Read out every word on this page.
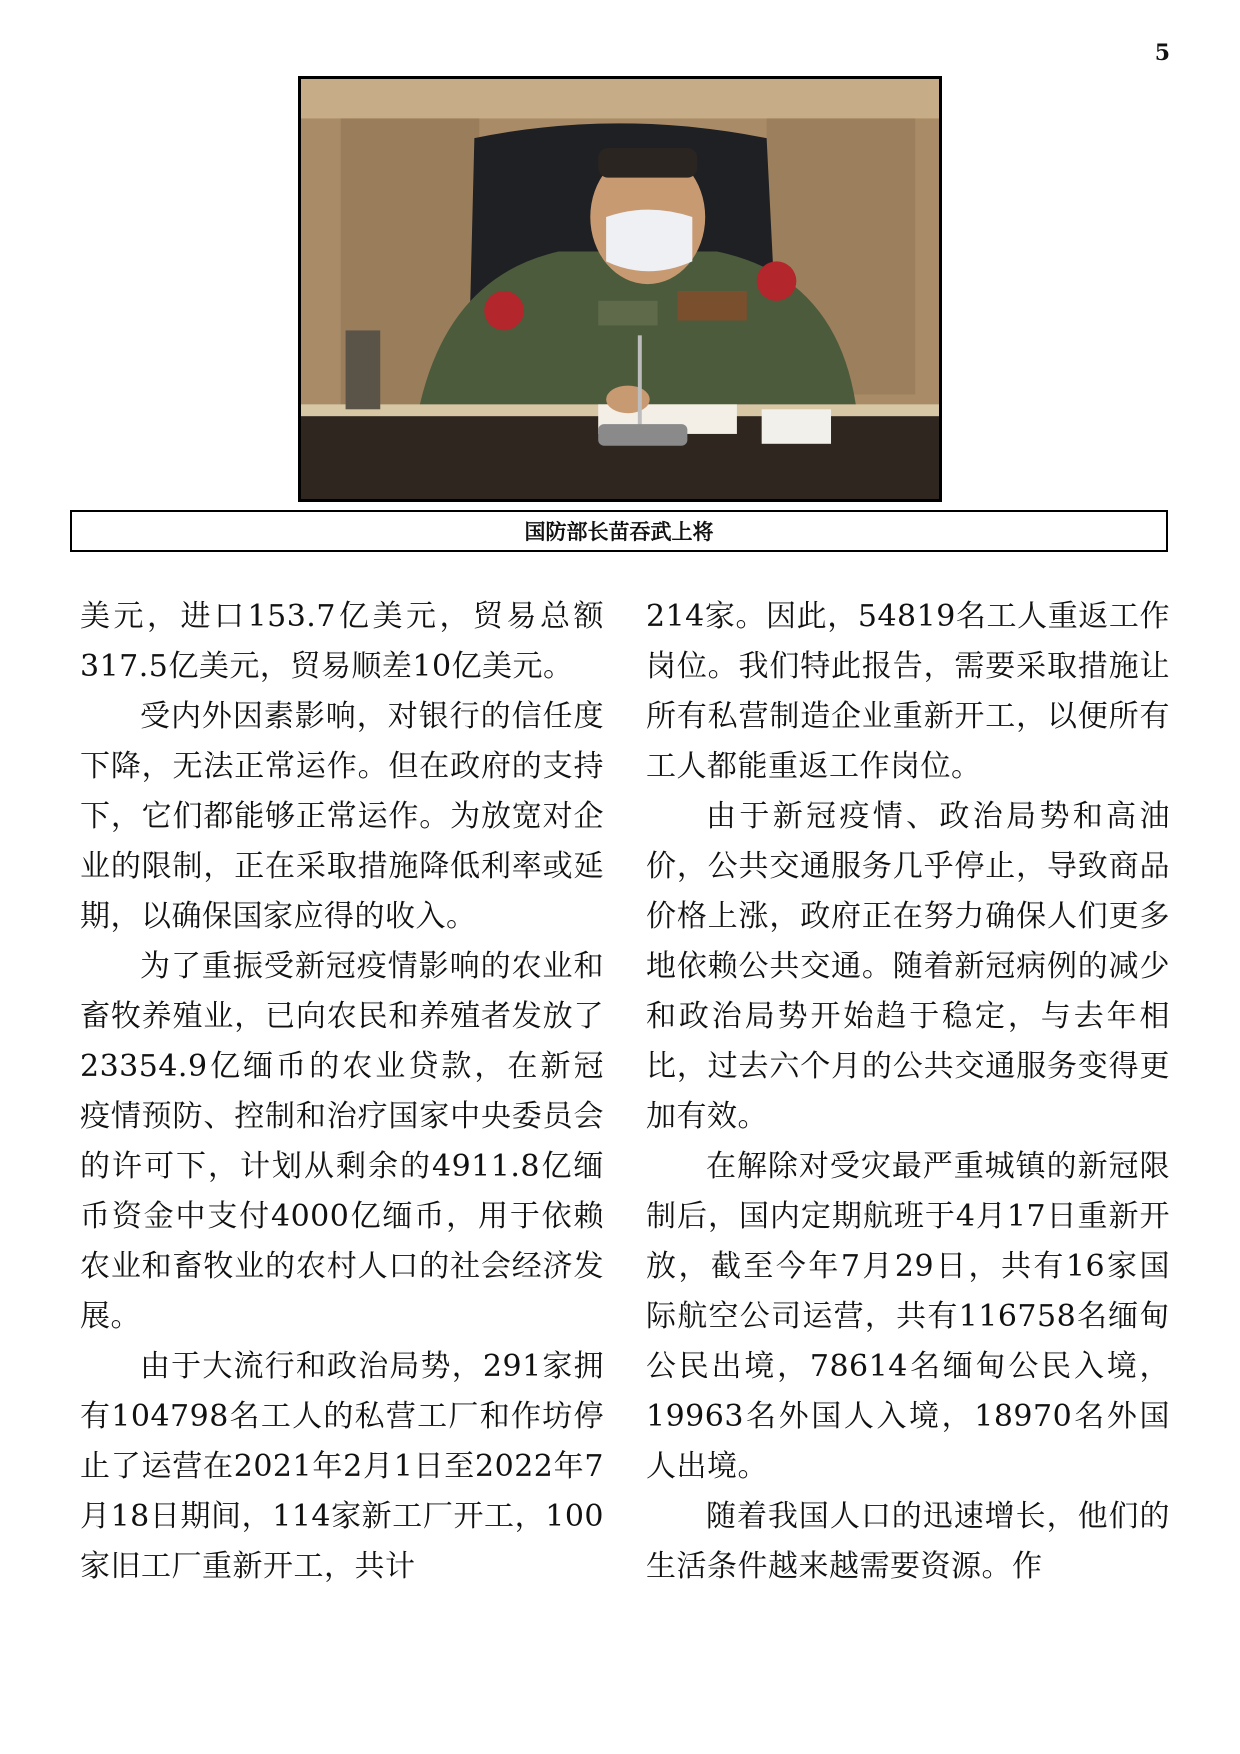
5
国防部长苗吞武上将

美元，进口153.7亿美元，贸易总额317.5亿美元，贸易顺差10亿美元。

受内外因素影响，对银行的信任度下降，无法正常运作。但在政府的支持下，它们都能够正常运作。为放宽对企业的限制，正在采取措施降低利率或延期，以确保国家应得的收入。

为了重振受新冠疫情影响的农业和畜牧养殖业，已向农民和养殖者发放了23354.9亿缅币的农业贷款，在新冠疫情预防、控制和治疗国家中央委员会的许可下，计划从剩余的4911.8亿缅币资金中支付4000亿缅币，用于依赖农业和畜牧业的农村人口的社会经济发展。

由于大流行和政治局势，291家拥有104798名工人的私营工厂和作坊停止了运营在2021年2月1日至2022年7月18日期间，114家新工厂开工，100家旧工厂重新开工，共计

214家。因此，54819名工人重返工作岗位。我们特此报告，需要采取措施让所有私营制造企业重新开工，以便所有工人都能重返工作岗位。

由于新冠疫情、政治局势和高油价，公共交通服务几乎停止，导致商品价格上涨，政府正在努力确保人们更多地依赖公共交通。随着新冠病例的减少和政治局势开始趋于稳定，与去年相比，过去六个月的公共交通服务变得更加有效。

在解除对受灾最严重城镇的新冠限制后，国内定期航班于4月17日重新开放，截至今年7月29日，共有16家国际航空公司运营，共有116758名缅甸公民出境，78614名缅甸公民入境，19963名外国人入境，18970名外国人出境。

随着我国人口的迅速增长，他们的生活条件越来越需要资源。作
